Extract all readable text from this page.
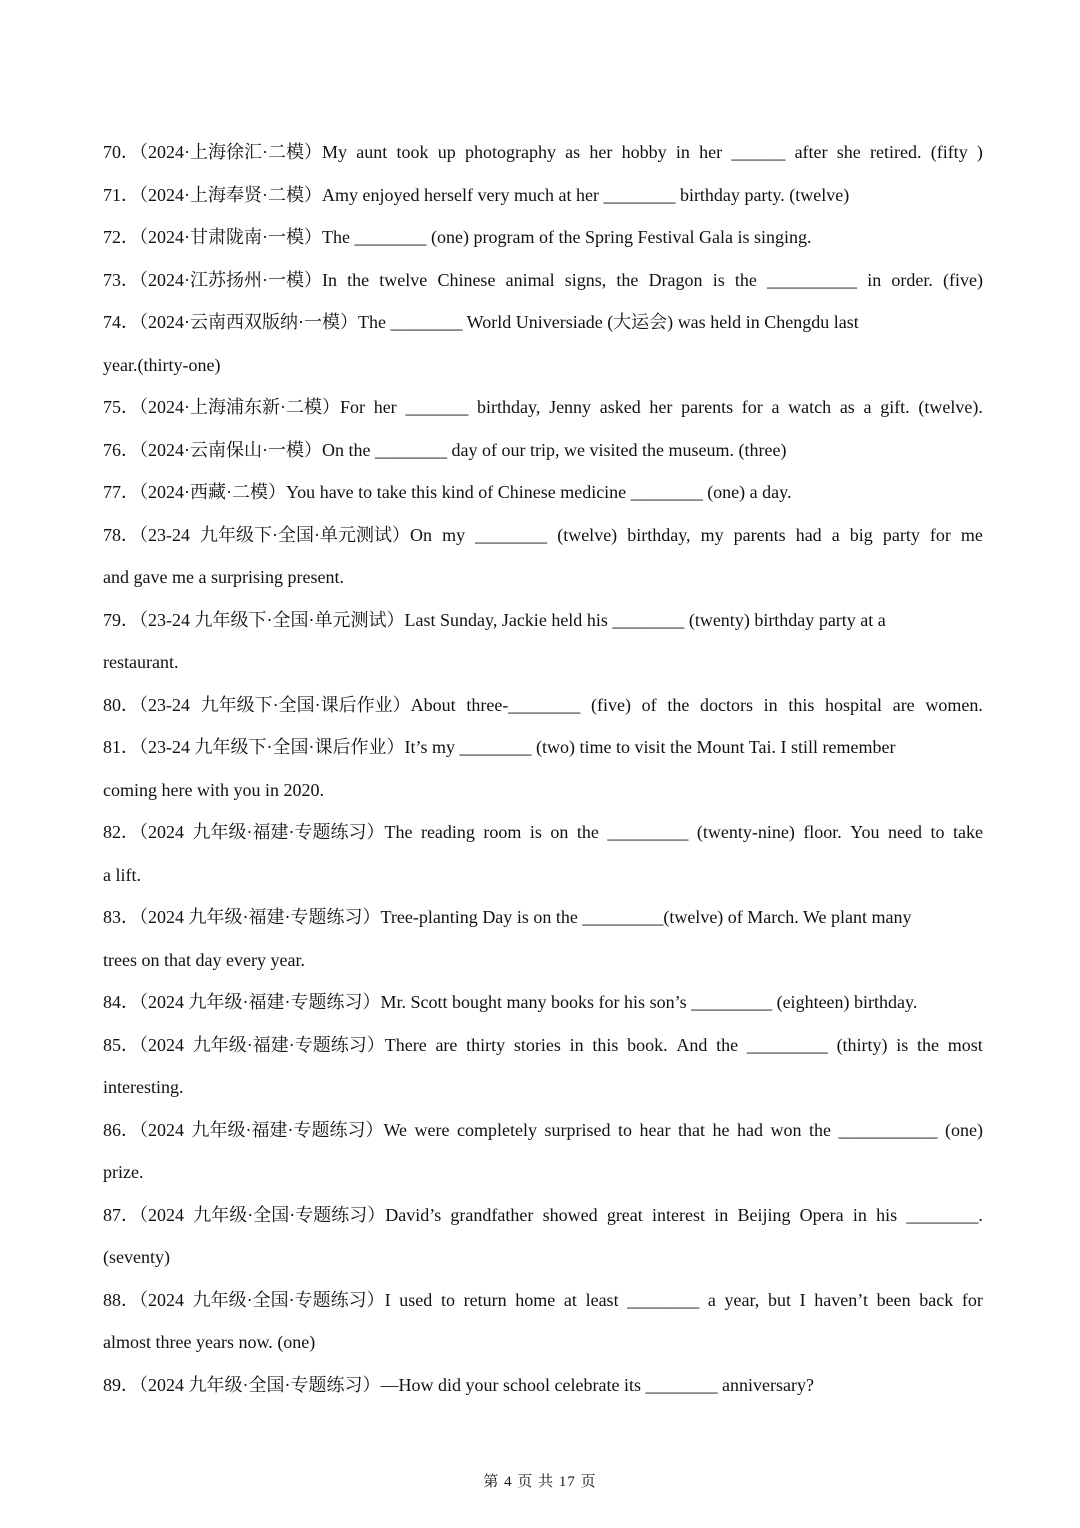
70．（2024·上海徐汇·二模）My aunt took up photography as her hobby in her ______ after she retired. (fifty )
71．（2024·上海奉贤·二模）Amy enjoyed herself very much at her ________ birthday party. (twelve)
72．（2024·甘肃陇南·一模）The ________ (one) program of the Spring Festival Gala is singing.
73．（2024·江苏扬州·一模）In the twelve Chinese animal signs, the Dragon is the __________ in order. (five)
74．（2024·云南西双版纳·一模）The ________ World Universiade (大运会) was held in Chengdu last
year.(thirty-one)
75．（2024·上海浦东新·二模）For her _______ birthday, Jenny asked her parents for a watch as a gift. (twelve).
76．（2024·云南保山·一模）On the ________ day of our trip, we visited the museum. (three)
77．（2024·西藏·二模）You have to take this kind of Chinese medicine ________ (one) a day.
78．（23-24 九年级下·全国·单元测试）On my ________ (twelve) birthday, my parents had a big party for me
and gave me a surprising present.
79．（23-24 九年级下·全国·单元测试）Last Sunday, Jackie held his ________ (twenty) birthday party at a
restaurant.
80．（23-24 九年级下·全国·课后作业）About three-________ (five) of the doctors in this hospital are women.
81．（23-24 九年级下·全国·课后作业）It’s my ________ (two) time to visit the Mount Tai. I still remember
coming here with you in 2020.
82．（2024 九年级·福建·专题练习）The reading room is on the _________ (twenty-nine) floor. You need to take
a lift.
83．（2024 九年级·福建·专题练习）Tree-planting Day is on the _________(twelve) of March. We plant many
trees on that day every year.
84．（2024 九年级·福建·专题练习）Mr. Scott bought many books for his son’s _________ (eighteen) birthday.
85．（2024 九年级·福建·专题练习）There are thirty stories in this book. And the _________ (thirty) is the most
interesting.
86．（2024 九年级·福建·专题练习）We were completely surprised to hear that he had won the ___________ (one)
prize.
87．（2024 九年级·全国·专题练习）David’s grandfather showed great interest in Beijing Opera in his ________.
(seventy)
88．（2024 九年级·全国·专题练习）I used to return home at least ________ a year, but I haven’t been back for
almost three years now. (one)
89．（2024 九年级·全国·专题练习）—How did your school celebrate its ________ anniversary?
第 4 页 共 17 页
